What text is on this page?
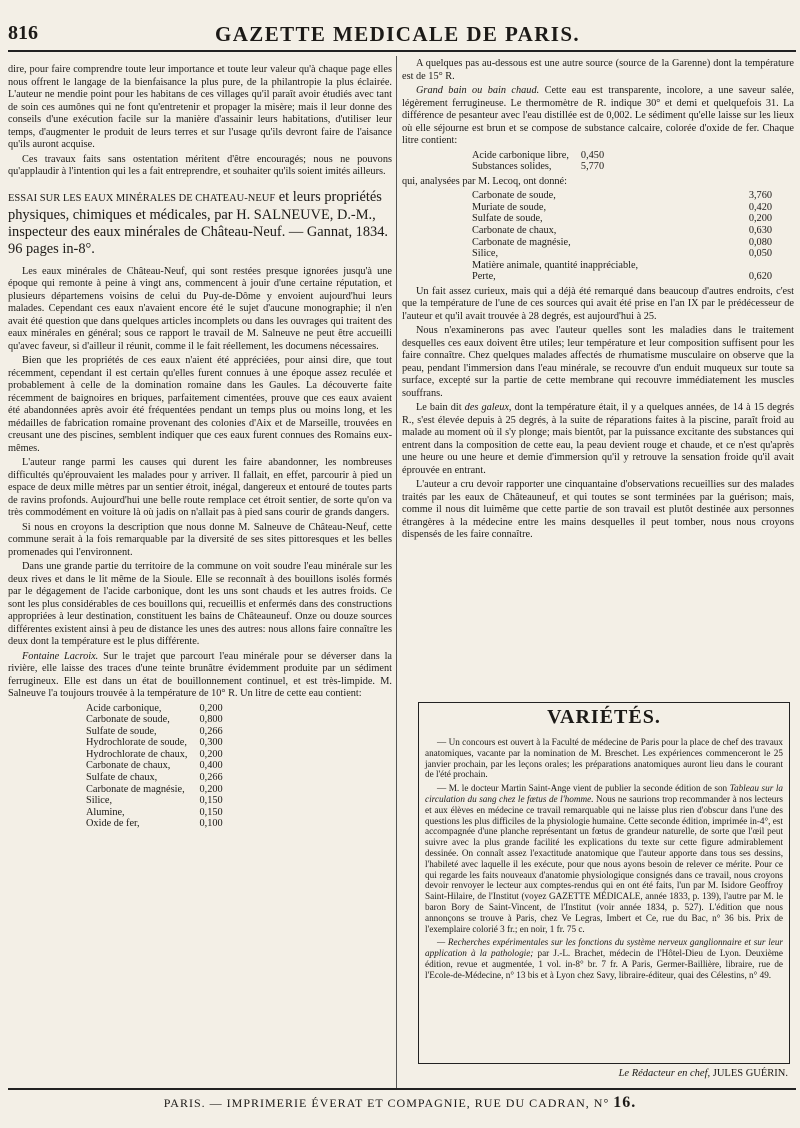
816	GAZETTE MEDICALE DE PARIS.

dire, pour faire comprendre toute leur importance et toute leur valeur qu'à chaque page elles nous offrent le langage de la bienfaisance la plus pure, de la philantropie la plus éclairée. L'auteur ne mendie point pour les habitans de ces villages qu'il paraît avoir étudiés avec tant de soin ces aumônes qui ne font qu'entretenir et propager la misère; mais il leur donne des conseils d'une exécution facile sur la manière d'assainir leurs habitations, d'utiliser leur temps, d'augmenter le produit de leurs terres et sur l'usage qu'ils devront faire de l'aisance qu'ils auront acquise.

Ces travaux faits sans ostentation méritent d'être encouragés; nous ne pouvons qu'applaudir à l'intention qui les a fait entreprendre, et souhaiter qu'ils soient imités ailleurs.

ESSAI SUR LES EAUX MINÉRALES DE CHATEAU-NEUF et leurs propriétés physiques, chimiques et médicales, par H. SALNEUVE, D.-M., inspecteur des eaux minérales de Château-Neuf. — Gannat, 1834. 96 pages in-8°.

Les eaux minérales de Château-Neuf, qui sont restées presque ignorées jusqu'à une époque qui remonte à peine à vingt ans, commencent à jouir d'une certaine réputation, et plusieurs départemens voisins de celui du Puy-de-Dôme y envoient aujourd'hui leurs malades. Cependant ces eaux n'avaient encore été le sujet d'aucune monographie; il n'en avait été question que dans quelques articles incomplets ou dans les ouvrages qui traitent des eaux minérales en général; sous ce rapport le travail de M. Salneuve ne peut être accueilli qu'avec faveur, si d'ailleur il réunit, comme il le fait réellement, les documens nécessaires.

Bien que les propriétés de ces eaux n'aient été appréciées, pour ainsi dire, que tout récemment, cependant il est certain qu'elles furent connues à une époque assez reculée et probablement à celle de la domination romaine dans les Gaules. La découverte faite récemment de baignoires en briques, parfaitement cimentées, prouve que ces eaux avaient été abandonnées après avoir été fréquentées pendant un temps plus ou moins long, et les médailles de fabrication romaine provenant des colonies d'Aix et de Marseille, trouvées en creusant une des piscines, semblent indiquer que ces eaux furent connues des Romains eux-mêmes.

L'auteur range parmi les causes qui durent les faire abandonner, les nombreuses difficultés qu'éprouvaient les malades pour y arriver. Il fallait, en effet, parcourir à pied un espace de deux mille mètres par un sentier étroit, inégal, dangereux et entouré de toutes parts de ravins profonds. Aujourd'hui une belle route remplace cet étroit sentier, de sorte qu'on va très commodément en voiture là où jadis on n'allait pas à pied sans courir de grands dangers.

Si nous en croyons la description que nous donne M. Salneuve de Château-Neuf, cette commune serait à la fois remarquable par la diversité de ses sites pittoresques et les belles promenades qui l'environnent.

Dans une grande partie du territoire de la commune on voit soudre l'eau minérale sur les deux rives et dans le lit même de la Sioule. Elle se reconnaît à des bouillons isolés formés par le dégagement de l'acide carbonique, dont les uns sont chauds et les autres froids. Ce sont les plus considérables de ces bouillons qui, recueillis et enfermés dans des constructions appropriées à leur destination, constituent les bains de Châteauneuf. Onze ou douze sources différentes existent ainsi à peu de distance les unes des autres: nous allons faire connaître les deux dont la température est le plus différente.

Fontaine Lacroix. Sur le trajet que parcourt l'eau minérale pour se déverser dans la rivière, elle laisse des traces d'une teinte brunâtre évidemment produite par un sédiment ferrugineux. Elle est dans un état de bouillonnement continuel, et est très-limpide. M. Salneuve l'a toujours trouvée à la température de 10° R. Un litre de cette eau contient:

Acide carbonique,	0,200
Carbonate de soude,	0,800
Sulfate de soude,	0,266
Hydrochlorate de soude,	0,300
Hydrochlorate de chaux,	0,200
Carbonate de chaux,	0,400
Sulfate de chaux,	0,266
Carbonate de magnésie,	0,200
Silice,	0,150
Alumine,	0,150
Oxide de fer,	0,100

A quelques pas au-dessous est une autre source (source de la Garenne) dont la température est de 15° R.

Grand bain ou bain chaud. Cette eau est transparente, incolore, a une saveur salée, légèrement ferrugineuse. Le thermomètre de R. indique 30° et demi et quelquefois 31. La différence de pesanteur avec l'eau distillée est de 0,002. Le sédiment qu'elle laisse sur les lieux où elle séjourne est brun et se compose de substance calcaire, colorée d'oxide de fer. Chaque litre contient:

Acide carbonique libre,	0,450
Substances solides,	5,770

qui, analysées par M. Lecoq, ont donné:

Carbonate de soude,	3,760
Muriate de soude,	0,420
Sulfate de soude,	0,200
Carbonate de chaux,	0,630
Carbonate de magnésie,	0,080
Silice,	0,050
Matière animale, quantité inappréciable,	
Perte,	0,620

Un fait assez curieux, mais qui a déjà été remarqué dans beaucoup d'autres endroits, c'est que la température de l'une de ces sources qui avait été prise en l'an IX par le prédécesseur de l'auteur et qu'il avait trouvée à 28 degrés, est aujourd'hui à 25.

Nous n'examinerons pas avec l'auteur quelles sont les maladies dans le traitement desquelles ces eaux doivent être utiles; leur température et leur composition suffisent pour les faire connaître. Chez quelques malades affectés de rhumatisme musculaire on observe que la peau, pendant l'immersion dans l'eau minérale, se recouvre d'un enduit muqueux sur toute sa surface, excepté sur la partie de cette membrane qui recouvre immédiatement les muscles souffrans.

Le bain dit des galeux, dont la température était, il y a quelques années, de 14 à 15 degrés R., s'est élevée depuis à 25 degrés, à la suite de réparations faites à la piscine, paraît froid au malade au moment où il s'y plonge; mais bientôt, par la puissance excitante des substances qui entrent dans la composition de cette eau, la peau devient rouge et chaude, et ce n'est qu'après une heure ou une heure et demie d'immersion qu'il y retrouve la sensation froide qu'il avait éprouvée en entrant.

L'auteur a cru devoir rapporter une cinquantaine d'observations recueillies sur des malades traités par les eaux de Châteauneuf, et qui toutes se sont terminées par la guérison; mais, comme il nous dit luimême que cette partie de son travail est plutôt destinée aux personnes étrangères à la médecine entre les mains desquelles il peut tomber, nous nous croyons dispensés de les faire connaître.

VARIÉTÉS.

— Un concours est ouvert à la Faculté de médecine de Paris pour la place de chef des travaux anatomiques, vacante par la nomination de M. Breschet. Les expériences commenceront le 25 janvier prochain, par les leçons orales; les préparations anatomiques auront lieu dans le courant de l'été prochain.

— M. le docteur Martin Saint-Ange vient de publier la seconde édition de son Tableau sur la circulation du sang chez le fœtus de l'homme. Nous ne saurions trop recommander à nos lecteurs et aux élèves en médecine ce travail remarquable qui ne laisse plus rien d'obscur dans l'une des questions les plus difficiles de la physiologie humaine. Cette seconde édition, imprimée in-4°, est accompagnée d'une planche représentant un fœtus de grandeur naturelle, de sorte que l'œil peut suivre avec la plus grande facilité les explications du texte sur cette figure admirablement dessinée. On connaît assez l'exactitude anatomique que l'auteur apporte dans tous ses dessins, l'habileté avec laquelle il les exécute, pour que nous ayons besoin de relever ce mérite. Pour ce qui regarde les faits nouveaux d'anatomie physiologique consignés dans ce travail, nous croyons devoir renvoyer le lecteur aux comptes-rendus qui en ont été faits, l'un par M. Isidore Geoffroy Saint-Hilaire, de l'Institut (voyez GAZETTE MÉDICALE, année 1833, p. 139), l'autre par M. le baron Bory de Saint-Vincent, de l'Institut (voir année 1834, p. 527). L'édition que nous annonçons se trouve à Paris, chez Ve Legras, Imbert et Ce, rue du Bac, n° 36 bis. Prix de l'exemplaire colorié 3 fr.; en noir, 1 fr. 75 c.

— Recherches expérimentales sur les fonctions du système nerveux ganglionnaire et sur leur application à la pathologie; par J.-L. Brachet, médecin de l'Hôtel-Dieu de Lyon. Deuxième édition, revue et augmentée, 1 vol. in-8° br. 7 fr. A Paris, Germer-Baillière, libraire, rue de l'Ecole-de-Médecine, n° 13 bis et à Lyon chez Savy, libraire-éditeur, quai des Célestins, n° 49.

Le Rédacteur en chef, JULES GUÉRIN.
PARIS. — IMPRIMERIE ÉVERAT ET COMPAGNIE, RUE DU CADRAN, N° 16.
